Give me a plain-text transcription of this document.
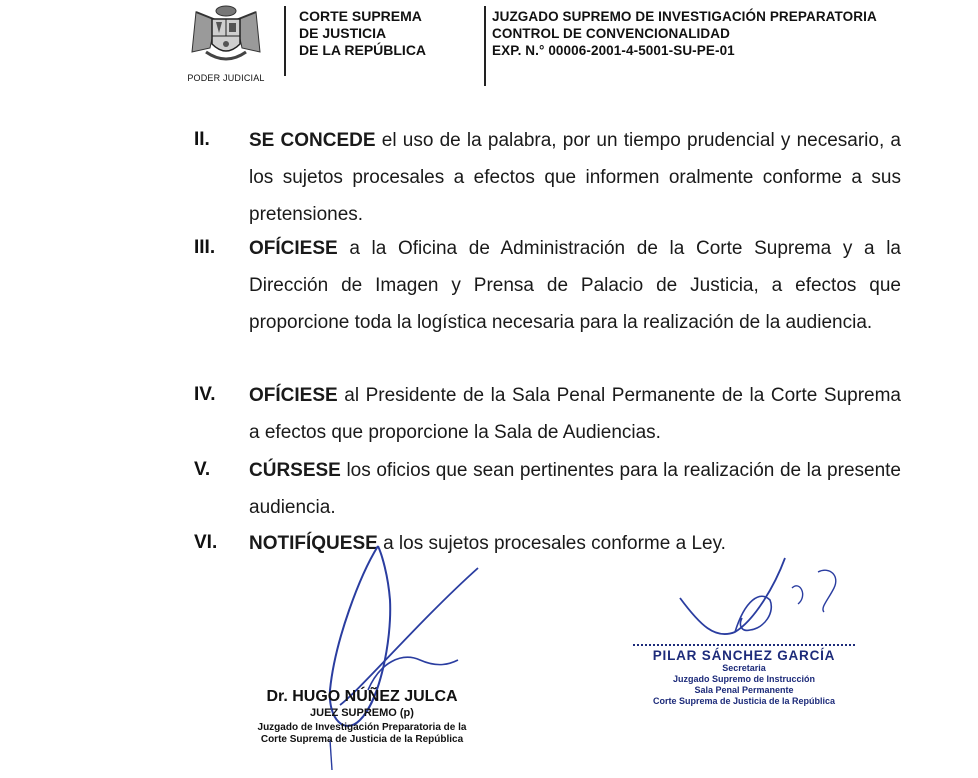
PODER JUDICIAL
CORTE SUPREMA
DE JUSTICIA
DE LA REPÚBLICA
JUZGADO SUPREMO DE INVESTIGACIÓN PREPARATORIA
CONTROL DE CONVENCIONALIDAD
EXP. N.° 00006-2001-4-5001-SU-PE-01
II. SE CONCEDE el uso de la palabra, por un tiempo prudencial y necesario, a los sujetos procesales a efectos que informen oralmente conforme a sus pretensiones.
III. OFÍCIESE a la Oficina de Administración de la Corte Suprema y a la Dirección de Imagen y Prensa de Palacio de Justicia, a efectos que proporcione toda la logística necesaria para la realización de la audiencia.
IV. OFÍCIESE al Presidente de la Sala Penal Permanente de la Corte Suprema a efectos que proporcione la Sala de Audiencias.
V. CÚRSESE los oficios que sean pertinentes para la realización de la presente audiencia.
VI. NOTIFÍQUESE a los sujetos procesales conforme a Ley.
Dr. HUGO NÚÑEZ JULCA
JUEZ SUPREMO (p)
Juzgado de Investigación Preparatoria de la
Corte Suprema de Justicia de la República
PILAR SÁNCHEZ GARCÍA
Secretaria
Juzgado Supremo de Instrucción
Sala Penal Permanente
Corte Suprema de Justicia de la República
